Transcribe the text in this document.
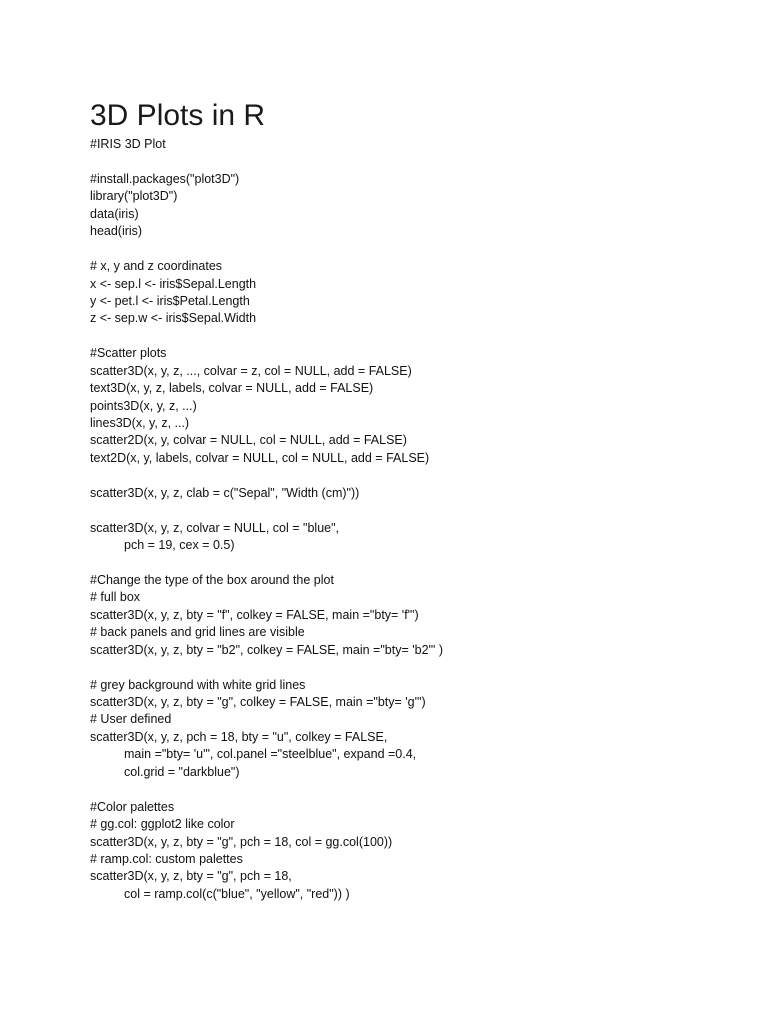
3D Plots in R
#IRIS 3D Plot
#install.packages("plot3D")
library("plot3D")
data(iris)
head(iris)
# x, y and z coordinates
x <- sep.l <- iris$Sepal.Length
y <- pet.l <- iris$Petal.Length
z <- sep.w <- iris$Sepal.Width
#Scatter plots
scatter3D(x, y, z, ..., colvar = z, col = NULL, add = FALSE)
text3D(x, y, z, labels, colvar = NULL, add = FALSE)
points3D(x, y, z, ...)
lines3D(x, y, z, ...)
scatter2D(x, y, colvar = NULL, col = NULL, add = FALSE)
text2D(x, y, labels, colvar = NULL, col = NULL, add = FALSE)
scatter3D(x, y, z, clab = c("Sepal", "Width (cm)"))
scatter3D(x, y, z, colvar = NULL, col = "blue",
pch = 19, cex = 0.5)
#Change the type of the box around the plot
# full box
scatter3D(x, y, z, bty = "f", colkey = FALSE, main ="bty= 'f'")
# back panels and grid lines are visible
scatter3D(x, y, z, bty = "b2", colkey = FALSE, main ="bty= 'b2'" )
# grey background with white grid lines
scatter3D(x, y, z, bty = "g", colkey = FALSE, main ="bty= 'g'")
# User defined
scatter3D(x, y, z, pch = 18, bty = "u", colkey = FALSE,
main ="bty= 'u'", col.panel ="steelblue", expand =0.4,
col.grid = "darkblue")
#Color palettes
# gg.col: ggplot2 like color
scatter3D(x, y, z, bty = "g", pch = 18, col = gg.col(100))
# ramp.col: custom palettes
scatter3D(x, y, z, bty = "g", pch = 18,
col = ramp.col(c("blue", "yellow", "red")) )
